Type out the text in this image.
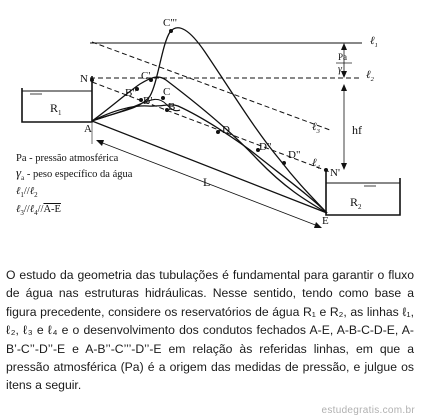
$R_1$
$R_2$
A
E
N
N'
C"'
C'
B"
B'
C
B
D
D"
D"
L
hf
Pa
$\gamma_a$
ℓ$_1$
ℓ$_2$
ℓ$_3$
ℓ$_4$
Pa - pressão atmosférica
$\gamma_a$ - peso específico da água
ℓ$_1$//ℓ$_2$
ℓ$_3$//ℓ$_4$//A-E
O estudo da geometria das tubulações é fundamental para garantir o fluxo de água nas estruturas hidráulicas. Nesse sentido, tendo como base a figura precedente, considere os reservatórios de água R₁ e R₂, as linhas ℓ₁, ℓ₂, ℓ₃ e ℓ₄ e o desenvolvimento dos condutos fechados A-E, A-B-C-D-E, A-B’-C’’-D’’-E e A-B’’-C’’’-D’’-E em relação às referidas linhas, em que a pressão atmosférica (Pa) é a origem das medidas de pressão, e julgue os itens a seguir.
estudegratis.com.br
